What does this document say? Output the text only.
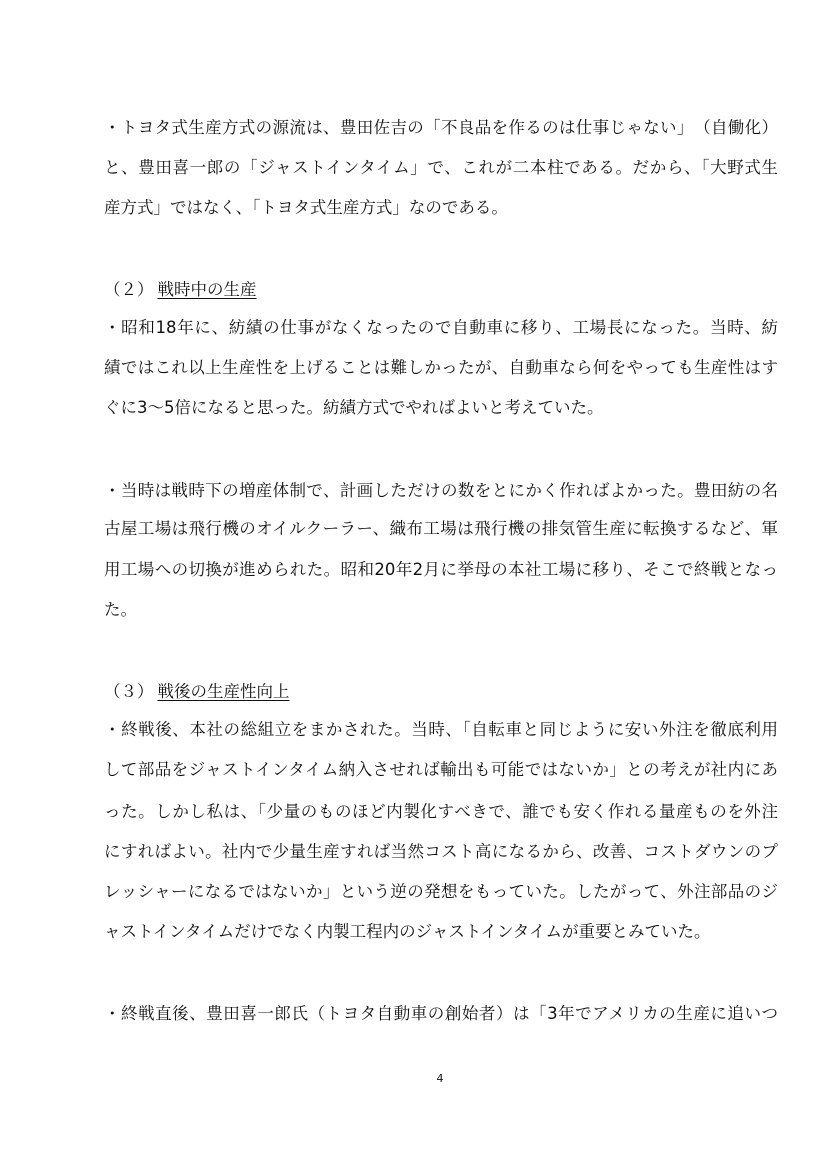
・トヨタ式生産方式の源流は、豊田佐吉の「不良品を作るのは仕事じゃない」　（自働化）
と、豊田喜一郎の「ジャストインタイム」で、これが二本柱である。だから、「大野式生
産方式」ではなく、「トヨタ式生産方式」なのである。
（２） 戦時中の生産
・昭和18年に、紡績の仕事がなくなったので自動車に移り、工場長になった。当時、紡
績ではこれ以上生産性を上げることは難しかったが、自動車なら何をやっても生産性はす
ぐに3～5倍になると思った。紡績方式でやればよいと考えていた。
・当時は戦時下の増産体制で、計画しただけの数をとにかく作ればよかった。豊田紡の名
古屋工場は飛行機のオイルクーラー、織布工場は飛行機の排気管生産に転換するなど、軍
用工場への切換が進められた。昭和20年2月に挙母の本社工場に移り、そこで終戦となっ
た。
（３） 戦後の生産性向上
・終戦後、本社の総組立をまかされた。当時、「自転車と同じように安い外注を徹底利用
して部品をジャストインタイム納入させれば輸出も可能ではないか」との考えが社内にあ
った。しかし私は、「少量のものほど内製化すべきで、誰でも安く作れる量産ものを外注
にすればよい。社内で少量生産すれば当然コスト高になるから、改善、コストダウンのプ
レッシャーになるではないか」という逆の発想をもっていた。したがって、外注部品のジ
ャストインタイムだけでなく内製工程内のジャストインタイムが重要とみていた。
・終戦直後、豊田喜一郎氏（トヨタ自動車の創始者）は「3年でアメリカの生産に追いつ
4
